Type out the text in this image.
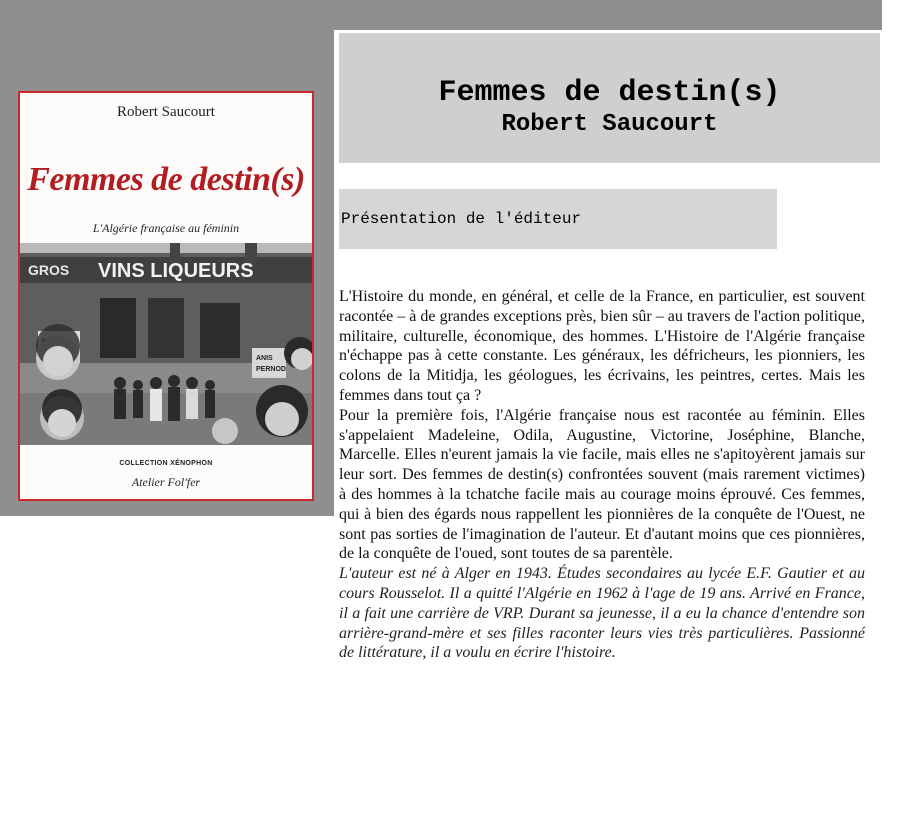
Robert Saucourt
Femmes de destin(s)
L'Algérie française au féminin
GROS VINS LIQUEURS
ANIS
PERNOD
COLLECTION XÉNOPHON
Atelier Fol'fer
Femmes de destin(s)
Robert Saucourt
Présentation de l'éditeur

L'Histoire du monde, en général, et celle de la France, en particulier, est souvent racontée – à de grandes exceptions près, bien sûr – au travers de l'action politique, militaire, culturelle, économique, des hommes. L'Histoire de l'Algérie française n'échappe pas à cette constante. Les généraux, les défricheurs, les pionniers, les colons de la Mitidja, les géologues, les écrivains, les peintres, certes. Mais les femmes dans tout ça ?

Pour la première fois, l'Algérie française nous est racontée au féminin. Elles s'appelaient Madeleine, Odila, Augustine, Victorine, Joséphine, Blanche, Marcelle. Elles n'eurent jamais la vie facile, mais elles ne s'apitoyèrent jamais sur leur sort. Des femmes de destin(s) confrontées souvent (mais rarement victimes) à des hommes à la tchatche facile mais au courage moins éprouvé. Ces femmes, qui à bien des égards nous rappellent les pionnières de la conquête de l'Ouest, ne sont pas sorties de l'imagination de l'auteur. Et d'autant moins que ces pionnières, de la conquête de l'oued, sont toutes de sa parentèle.

L'auteur est né à Alger en 1943. Études secondaires au lycée E.F. Gautier et au cours Rousselot. Il a quitté l'Algérie en 1962 à l'age de 19 ans. Arrivé en France, il a fait une carrière de VRP. Durant sa jeunesse, il a eu la chance d'entendre son arrière-grand-mère et ses filles raconter leurs vies très particulières. Passionné de littérature, il a voulu en écrire l'histoire.
